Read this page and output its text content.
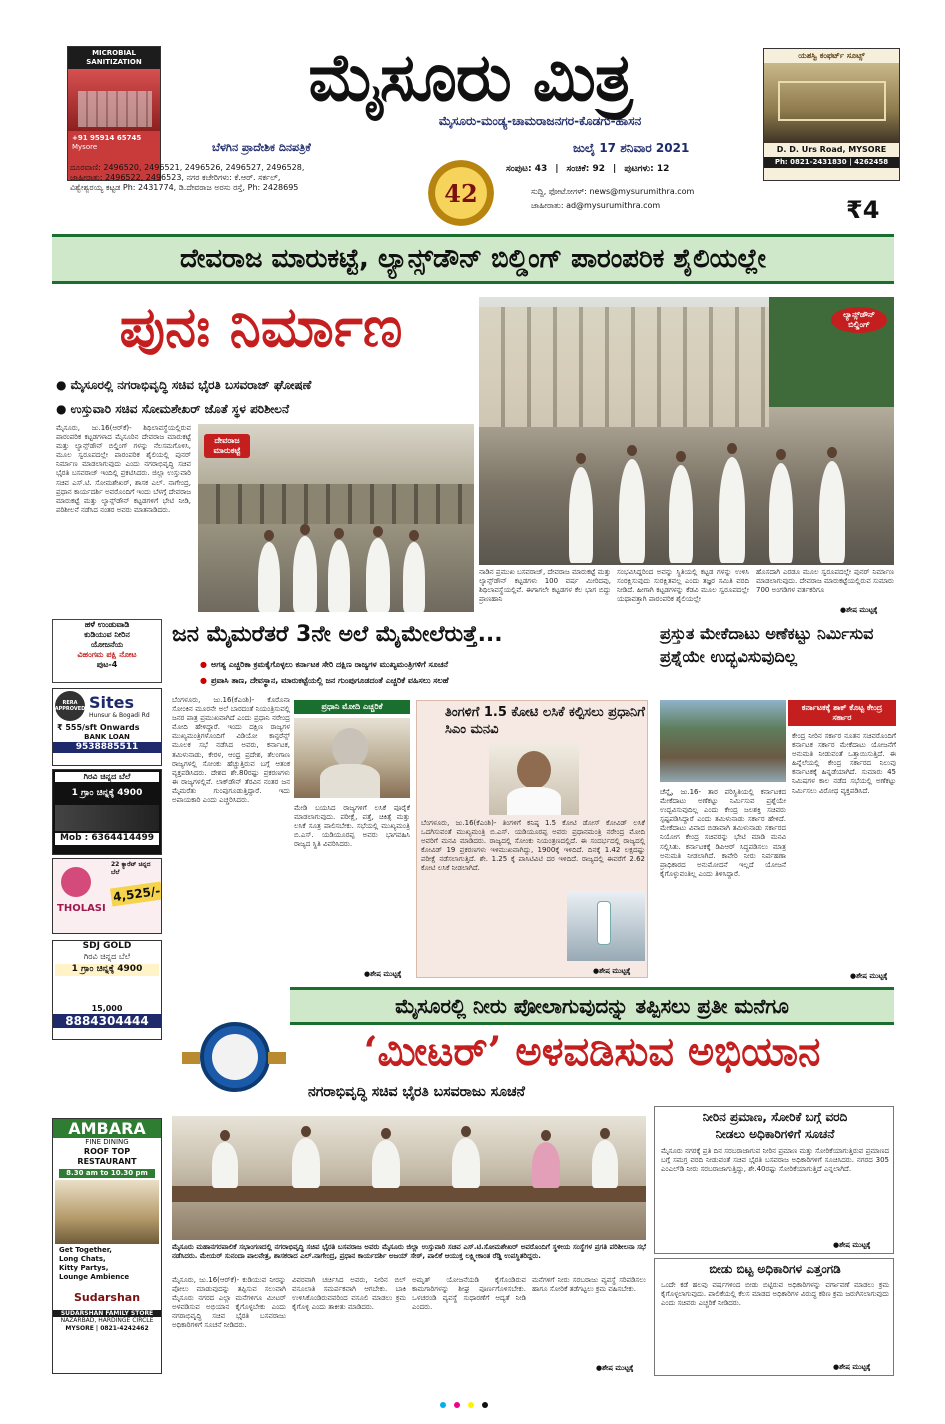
MICROBIAL SANITIZATION
+91 95914 65745
Mysore
ಮೈಸೂರು ಮಿತ್ರ
ಮೈಸೂರು-ಮಂಡ್ಯ-ಚಾಮರಾಜನಗರ-ಕೊಡಗು-ಹಾಸನ
ಬೆಳಗಿನ ಪ್ರಾದೇಶಿಕ ದಿನಪತ್ರಿಕೆ	ಜುಲೈ 17 ಶನಿವಾರ 2021
ಯಶಸ್ವಿ ಕಂಫರ್ಟ್ ಸೂಟ್ಸ್
D. D. Urs Road, MYSORE
Ph: 0821-2431830 | 4262458
ದೂರವಾಣಿ: 2496520, 2496521, 2496526, 2496527, 2496528,
ಜಾಹೀರಾತು: 2496522, 2496523, ನಗರ ಕಚೇರಿಗಳು: ಕೆ.ಆರ್. ಸರ್ಕಲ್,
ವಿಶ್ವೇಶ್ವರಯ್ಯ ಕಟ್ಟಡ Ph: 2431774, ಡಿ.ದೇವರಾಜ ಅರಸು ರಸ್ತೆ, Ph: 2428695	42
ಸಂಪುಟ: 43 | ಸಂಚಿಕೆ: 92 | ಪುಟಗಳು: 12
ಸುದ್ದಿ, ಫೋಟೋಗಳ್: news@mysurumithra.com
ಜಾಹೀರಾತು: ad@mysurumithra.com	₹4
ದೇವರಾಜ ಮಾರುಕಟ್ಟೆ, ಲ್ಯಾನ್ಸ್‌ಡೌನ್ ಬಿಲ್ಡಿಂಗ್ ಪಾರಂಪರಿಕ ಶೈಲಿಯಲ್ಲೇ
ಪುನಃ ನಿರ್ಮಾಣ
● ಮೈಸೂರಲ್ಲಿ ನಗರಾಭಿವೃದ್ಧಿ ಸಚಿವ ಭೈರತಿ ಬಸವರಾಜ್ ಘೋಷಣೆ
● ಉಸ್ತುವಾರಿ ಸಚಿವ ಸೋಮಶೇಖರ್ ಜೊತೆ ಸ್ಥಳ ಪರಿಶೀಲನೆ
ಮೈಸೂರು, ಜು.16(ಆರ್‌ಕೆ)- ಶಿಥಿಲಾವಸ್ಥೆಯಲ್ಲಿರುವ ಪಾರಂಪರಿಕ ಕಟ್ಟಡಗಳಾದ ಮೈಸೂರಿನ ದೇವರಾಜ ಮಾರುಕಟ್ಟೆ ಮತ್ತು ಲ್ಯಾನ್ಸ್‌ಡೌನ್ ಬಿಲ್ಡಿಂಗ್ ಗಳನ್ನು ನೆಲಸಮಗೊಳಿಸಿ, ಮೂಲ ಸ್ವರೂಪದಲ್ಲೇ ಪಾರಂಪರಿಕ ಶೈಲಿಯಲ್ಲಿ ಪುನರ್ ನಿರ್ಮಾಣ ಮಾಡಲಾಗುವುದು ಎಂದು ನಗರಾಭಿವೃದ್ಧಿ ಸಚಿವ ಭೈರತಿ ಬಸವರಾಜ್ ಇಂದಿಲ್ಲಿ ಪ್ರಕಟಿಸಿದರು. ಜಿಲ್ಲಾ ಉಸ್ತುವಾರಿ ಸಚಿವ ಎಸ್.ಟಿ. ಸೋಮಶೇಖರ್, ಶಾಸಕ ಎಲ್. ನಾಗೇಂದ್ರ, ಪ್ರಧಾನ ಕಾರ್ಯದರ್ಶಿ ಅವರೊಂದಿಗೆ ಇಂದು ಬೆಳಗ್ಗೆ ದೇವರಾಜ ಮಾರುಕಟ್ಟೆ ಮತ್ತು ಲ್ಯಾನ್ಸ್‌ಡೌನ್ ಕಟ್ಟಡಗಳಿಗೆ ಭೇಟಿ ನೀಡಿ, ಪರಿಶೀಲನೆ ನಡೆಸಿದ ನಂತರ ಅವರು ಮಾತನಾಡಿದರು.
ದೇವರಾಜ ಮಾರುಕಟ್ಟೆ
ಲ್ಯಾನ್ಸ್‌ಡೌನ್ ಬಿಲ್ಡಿಂಗ್
ನಾಡಿನ ಪ್ರಮುಖ ಬಸವರಾಜ್, ದೇವರಾಜ ಮಾರುಕಟ್ಟೆ ಮತ್ತು ಲ್ಯಾನ್ಸ್‌ಡೌನ್ ಕಟ್ಟಡಗಳು 100 ವರ್ಷ ಮೀರಿದವು, ಶಿಥಿಲಾವಸ್ಥೆಯಲ್ಲಿವೆ. ಈಗಾಗಲೇ ಕಟ್ಟಡಗಳ ಕೆಲ ಭಾಗ ಬಿದ್ದು ಪ್ರಾಣಹಾನಿ
ಸಂಭವಿಸಿದ್ದರಿಂದ ಅವನ್ನು ಸ್ಥಿತಿಯಲ್ಲಿ ಕಟ್ಟಡ ಗಳನ್ನು ಉಳಿಸಿ ಸಂರಕ್ಷಿಸುವುದು ಸುರಕ್ಷಿತವಲ್ಲ ಎಂದು ತಜ್ಞರ ಸಮಿತಿ ವರದಿ ನೀಡಿದೆ. ಹೀಗಾಗಿ ಕಟ್ಟಡಗಳನ್ನು ಕೆಡವಿ ಮೂಲ ಸ್ವರೂಪದಲ್ಲೇ ಯಥಾವತ್ತಾಗಿ ಪಾರಂಪರಿಕ ಶೈಲಿಯಲ್ಲೇ
ಹೊಸದಾಗಿ ಎರಡೂ ಮೂಲ ಸ್ವರೂಪದಲ್ಲೇ ಪುನರ್ ನಿರ್ಮಾಣ ಮಾಡಲಾಗುವುದು. ದೇವರಾಜ ಮಾರುಕಟ್ಟೆಯಲ್ಲಿರುವ ಸುಮಾರು 700 ಅಂಗಡಿಗಳ ವರ್ತಕರಿಗೂ
●ಶೇಷ ಮುಟ್ಟಕ್ಕೆ
ಹಳೆ ಉಂಡುವಾಡಿ
ಕುಡಿಯುವ ನೀರಿನ
ಯೋಜನೆಯ
ವಿಹಂಗಮ ಪಕ್ಷಿ ನೋಟ
ಪುಟ-4
RERA APPROVED Sites
Hunsur & Bogadi Rd
₹ 555/sft Onwards
BANK LOAN
9538885511
ಗಿರವಿ ಚಿನ್ನದ ಬೆಲೆ
1 ಗ್ರಾಂ ಚಿನ್ನಕ್ಕೆ 4900
Mob : 6364414499
22 ಕ್ಯಾರೆಟ್ ಚಿನ್ನದ ಬೆಲೆ
THOLASI
4,525/-
SDJ GOLD
ಗಿರವಿ ಚಿನ್ನದ ಬೆಲೆ
1 ಗ್ರಾಂ ಚಿನ್ನಕ್ಕೆ 4900
15,000
8884304444
AMBARA
FINE DINING
ROOF TOP RESTAURANT
8.30 am to 10.30 pm
Get Together,
Long Chats,
Kitty Partys,
Lounge Ambience
Sudarshan
SUDARSHAN FAMILY STORE
NAZARBAD, HARDINGE CIRCLE
MYSORE | 0821-4242462
ಜನ ಮೈಮರೆತರೆ 3ನೇ ಅಲೆ ಮೈಮೇಲೆರುತ್ತೆ...
● ಅಗತ್ಯ ಎಚ್ಚರಿಕಾ ಕ್ರಮಕೈಗೊಳ್ಳಲು ಕರ್ನಾಟಕ ಸೇರಿ ದಕ್ಷಿಣ ರಾಜ್ಯಗಳ ಮುಖ್ಯಮಂತ್ರಿಗಳಿಗೆ ಸೂಚನೆ
● ಪ್ರವಾಸಿ ತಾಣ, ದೇವಸ್ಥಾನ, ಮಾರುಕಟ್ಟೆಯಲ್ಲಿ ಜನ ಗುಂಪುಗೂಡದಂತೆ ಎಚ್ಚರಿಕೆ ವಹಿಸಲು ಸಲಹೆ
ಬೆಂಗಳೂರು, ಜು.16(ಕೆಎಂಶಿ)- ಕೊರೊನಾ ಸೋಂಕಿನ ಮೂರನೇ ಅಲೆ ಬಾರದಂತೆ ನಿಯಂತ್ರಿಸುವಲ್ಲಿ ಜನರ ಪಾತ್ರ ಪ್ರಮುಖವಾಗಿದೆ ಎಂದು ಪ್ರಧಾನಿ ನರೇಂದ್ರ ಮೋದಿ ಹೇಳಿದ್ದಾರೆ. ಇಂದು ದಕ್ಷಿಣ ರಾಜ್ಯಗಳ ಮುಖ್ಯಮಂತ್ರಿಗಳೊಂದಿಗೆ ವಿಡಿಯೋ ಕಾನ್ಫರೆನ್ಸ್ ಮೂಲಕ ಸಭೆ ನಡೆಸಿದ ಅವರು, ಕರ್ನಾಟಕ, ತಮಿಳುನಾಡು, ಕೇರಳ, ಆಂಧ್ರ ಪ್ರದೇಶ, ತೆಲಂಗಾಣ ರಾಜ್ಯಗಳಲ್ಲಿ ಸೋಂಕು ಹೆಚ್ಚುತ್ತಿರುವ ಬಗ್ಗೆ ಆತಂಕ ವ್ಯಕ್ತಪಡಿಸಿದರು. ದೇಶದ ಶೇ.80ರಷ್ಟು ಪ್ರಕರಣಗಳು ಈ ರಾಜ್ಯಗಳಲ್ಲಿವೆ. ಲಾಕ್‌ಡೌನ್ ತೆರವಿನ ನಂತರ ಜನ ಮೈಮರೆತು ಗುಂಪುಗೂಡುತ್ತಿದ್ದಾರೆ. ಇದು ಅಪಾಯಕಾರಿ ಎಂದು ಎಚ್ಚರಿಸಿದರು.
ಪ್ರಧಾನಿ ಮೋದಿ ಎಚ್ಚರಿಕೆ
ಮೇಡಿ ಬಯಸಿದ ರಾಜ್ಯಗಳಿಗೆ ಲಸಿಕೆ ಪೂರೈಕೆ ಮಾಡಲಾಗುವುದು. ಪರೀಕ್ಷೆ, ಪತ್ತೆ, ಚಿಕಿತ್ಸೆ ಮತ್ತು ಲಸಿಕೆ ಸೂತ್ರ ಪಾಲಿಸಬೇಕು. ಸಭೆಯಲ್ಲಿ ಮುಖ್ಯಮಂತ್ರಿ ಬಿ.ಎಸ್. ಯಡಿಯೂರಪ್ಪ ಅವರು ಭಾಗವಹಿಸಿ ರಾಜ್ಯದ ಸ್ಥಿತಿ ವಿವರಿಸಿದರು.
●ಶೇಷ ಮುಟ್ಟಕ್ಕೆ
ತಿಂಗಳಿಗೆ 1.5 ಕೋಟಿ ಲಸಿಕೆ ಕಲ್ಪಿಸಲು ಪ್ರಧಾನಿಗೆ ಸಿಎಂ ಮನವಿ
ಬೆಂಗಳೂರು, ಜು.16(ಕೆಎಂಶಿ)- ತಿಂಗಳಿಗೆ ಕನಿಷ್ಠ 1.5 ಕೋಟಿ ಡೋಸ್ ಕೋವಿಡ್ ಲಸಿಕೆ ಒದಗಿಸುವಂತೆ ಮುಖ್ಯಮಂತ್ರಿ ಬಿ.ಎಸ್. ಯಡಿಯೂರಪ್ಪ ಅವರು ಪ್ರಧಾನಮಂತ್ರಿ ನರೇಂದ್ರ ಮೋದಿ ಅವರಿಗೆ ಮನವಿ ಮಾಡಿದರು. ರಾಜ್ಯದಲ್ಲಿ ಸೋಂಕು ನಿಯಂತ್ರಣದಲ್ಲಿದೆ. ಈ ಸಂದರ್ಭದಲ್ಲಿ ರಾಜ್ಯದಲ್ಲಿ ಕೋವಿಡ್ 19 ಪ್ರಕರಣಗಳು ಇಳಿಮುಖವಾಗಿದ್ದು, 1900ಕ್ಕೆ ಇಳಿದಿದೆ. ದಿನಕ್ಕೆ 1.42 ಲಕ್ಷದಷ್ಟು ಪರೀಕ್ಷೆ ನಡೆಸಲಾಗುತ್ತಿದೆ. ಶೇ. 1.25 ಕ್ಕೆ ಪಾಸಿಟಿವಿಟಿ ದರ ಇಳಿದಿದೆ. ರಾಜ್ಯದಲ್ಲಿ ಈವರೆಗೆ 2.62 ಕೋಟಿ ಲಸಿಕೆ ನೀಡಲಾಗಿದೆ.
●ಶೇಷ ಮುಟ್ಟಕ್ಕೆ
ಪ್ರಸ್ತುತ ಮೇಕೆದಾಟು ಅಣೆಕಟ್ಟು ನಿರ್ಮಿಸುವ ಪ್ರಶ್ನೆಯೇ ಉದ್ಭವಿಸುವುದಿಲ್ಲ
ಕರ್ನಾಟಕಕ್ಕೆ ಶಾಕ್ ಕೊಟ್ಟ ಕೇಂದ್ರ ಸರ್ಕಾರ
ಕೇಂದ್ರ ನೀರಿನ ಸರ್ಕಾರ ನೂತನ ಸಚಿವರೊಂದಿಗೆ ಕರ್ನಾಟಕ ಸರ್ಕಾರ ಮೇಕೆದಾಟು ಯೋಜನೆಗೆ ಅನುಮತಿ ನೀಡುವಂತೆ ಒತ್ತಾಯಿಸುತ್ತಿದೆ. ಈ ಹಿನ್ನೆಲೆಯಲ್ಲಿ ಕೇಂದ್ರ ಸರ್ಕಾರದ ನಿಲುವು ಕರ್ನಾಟಕಕ್ಕೆ ಹಿನ್ನಡೆಯಾಗಿದೆ. ಸುಮಾರು 45 ನಿಮಿಷಗಳ ಕಾಲ ನಡೆದ ಸಭೆಯಲ್ಲಿ ಅಣೆಕಟ್ಟು ನಿರ್ಮಿಸಲು ವಿರೋಧ ವ್ಯಕ್ತಪಡಿಸಿದೆ.
ಚೆನ್ನೈ, ಜು.16- ತಾರ ಪರಿಸ್ಥಿತಿಯಲ್ಲಿ ಕರ್ನಾಟಕದ ಮೇಕೆದಾಟು ಅಣೆಕಟ್ಟು ನಿರ್ಮಿಸುವ ಪ್ರಶ್ನೆಯೇ ಉದ್ಭವಿಸುವುದಿಲ್ಲ ಎಂದು ಕೇಂದ್ರ ಜಲಶಕ್ತಿ ಸಚಿವರು ಸ್ಪಷ್ಟಪಡಿಸಿದ್ದಾರೆ ಎಂದು ತಮಿಳುನಾಡು ಸರ್ಕಾರ ಹೇಳಿದೆ. ಮೇಕೆದಾಟು ವಿವಾದ ಬಿಡಾವಾಗಿ ತಮಿಳುನಾಡು ಸರ್ಕಾರದ ನಿಯೋಗ ಕೇಂದ್ರ ಸಚಿವರನ್ನು ಭೇಟಿ ಮಾಡಿ ಮನವಿ ಸಲ್ಲಿಸಿತು. ಕರ್ನಾಟಕಕ್ಕೆ ಡಿಪಿಆರ್ ಸಿದ್ಧಪಡಿಸಲು ಮಾತ್ರ ಅನುಮತಿ ನೀಡಲಾಗಿದೆ. ಕಾವೇರಿ ನೀರು ನಿರ್ವಹಣಾ ಪ್ರಾಧಿಕಾರದ ಅನುಮೋದನೆ ಇಲ್ಲದೆ ಯೋಜನೆ ಕೈಗೊಳ್ಳುವಂತಿಲ್ಲ ಎಂದು ತಿಳಿಸಿದ್ದಾರೆ.
●ಶೇಷ ಮುಟ್ಟಕ್ಕೆ
ಮೈಸೂರಲ್ಲಿ ನೀರು ಪೋಲಾಗುವುದನ್ನು ತಪ್ಪಿಸಲು ಪ್ರತೀ ಮನೆಗೂ
‘ಮೀಟರ್’ ಅಳವಡಿಸುವ ಅಭಿಯಾನ
ನಗರಾಭಿವೃದ್ಧಿ ಸಚಿವ ಭೈರತಿ ಬಸವರಾಜು ಸೂಚನೆ
ಮೈಸೂರು ಮಹಾನಗರಪಾಲಿಕೆ ಸಭಾಂಗಣದಲ್ಲಿ ನಗರಾಭಿವೃದ್ಧಿ ಸಚಿವ ಭೈರತಿ ಬಸವರಾಜ ಅವರು ಮೈಸೂರು ಜಿಲ್ಲಾ ಉಸ್ತುವಾರಿ ಸಚಿವ ಎಸ್.ಟಿ.ಸೋಮಶೇಖರ್ ಅವರೊಂದಿಗೆ ಸ್ಥಳೀಯ ಸಂಸ್ಥೆಗಳ ಪ್ರಗತಿ ಪರಿಶೀಲನಾ ಸಭೆ ನಡೆಸಿದರು. ಮೇಯರ್ ಸುನಂದಾ ಪಾಲನೇತ್ರ, ಶಾಸಕರಾದ ಎಲ್.ನಾಗೇಂದ್ರ, ಪ್ರಧಾನ ಕಾರ್ಯದರ್ಶಿ ಅಜಯ್ ಸೇಠ್, ಪಾಲಿಕೆ ಆಯುಕ್ತ ಲಕ್ಷ್ಮೀಕಾಂತ ರೆಡ್ಡಿ ಉಪಸ್ಥಿತರಿದ್ದರು.
ಮೈಸೂರು, ಜು.16(ಆರ್‌ಕೆ)- ಕುಡಿಯುವ ನೀರನ್ನು ಪೋಲು ಮಾಡುವುದನ್ನು ತಪ್ಪಿಸುವ ಸಲುವಾಗಿ ಮೈಸೂರು ನಗರದ ಎಲ್ಲಾ ಮನೆಗಳಿಗೂ ಮೀಟರ್ ಅಳವಡಿಸುವ ಅಭಿಯಾನ ಕೈಗೊಳ್ಳಬೇಕು ಎಂದು ನಗರಾಭಿವೃದ್ಧಿ ಸಚಿವ ಭೈರತಿ ಬಸವರಾಜು ಅಧಿಕಾರಿಗಳಿಗೆ ಸೂಚನೆ ನೀಡಿದರು.
ವಿವರವಾಗಿ ಚರ್ಚಿಸಿದ ಅವರು, ನೀರಿನ ಬಿಲ್ ವಸೂಲಾತಿ ಸಮರ್ಪಕವಾಗಿ ಆಗಬೇಕು. ಬಾಕಿ ಉಳಿಸಿಕೊಂಡಿರುವವರಿಂದ ವಸೂಲಿ ಮಾಡಲು ಕ್ರಮ ಕೈಗೊಳ್ಳಿ ಎಂದು ತಾಕೀತು ಮಾಡಿದರು.
ಅಮೃತ್ ಯೋಜನೆಯಡಿ ಕೈಗೊಂಡಿರುವ ಕಾಮಗಾರಿಗಳನ್ನು ಶೀಘ್ರ ಪೂರ್ಣಗೊಳಿಸಬೇಕು. ಒಳಚರಂಡಿ ವ್ಯವಸ್ಥೆ ಸುಧಾರಣೆಗೆ ಆದ್ಯತೆ ನೀಡಿ ಎಂದರು.
ಮನೆಗಳಿಗೆ ನೀರು ಸರಬರಾಜು ವ್ಯವಸ್ಥೆ ಸರಿಪಡಿಸಲು ಹಾಗೂ ಸೋರಿಕೆ ತಡೆಗಟ್ಟಲು ಕ್ರಮ ವಹಿಸಬೇಕು.
●ಶೇಷ ಮುಟ್ಟಕ್ಕೆ
ನೀರಿನ ಪ್ರಮಾಣ, ಸೋರಿಕೆ ಬಗ್ಗೆ ವರದಿ
ನೀಡಲು ಅಧಿಕಾರಿಗಳಿಗೆ ಸೂಚನೆ
ಮೈಸೂರು ನಗರಕ್ಕೆ ಪ್ರತಿ ದಿನ ಸರಬರಾಜಾಗುವ ನೀರಿನ ಪ್ರಮಾಣ ಮತ್ತು ಸೋರಿಕೆಯಾಗುತ್ತಿರುವ ಪ್ರಮಾಣದ ಬಗ್ಗೆ ಸಮಗ್ರ ವರದಿ ನೀಡುವಂತೆ ಸಚಿವ ಭೈರತಿ ಬಸವರಾಜ ಅಧಿಕಾರಿಗಳಿಗೆ ಸೂಚಿಸಿದರು. ನಗರದ 305 ಎಂಎಲ್‌ಡಿ ನೀರು ಸರಬರಾಜಾಗುತ್ತಿದ್ದು, ಶೇ.40ರಷ್ಟು ಸೋರಿಕೆಯಾಗುತ್ತಿದೆ ಎನ್ನಲಾಗಿದೆ.
●ಶೇಷ ಮುಟ್ಟಕ್ಕೆ
ಬೀಡು ಬಿಟ್ಟ ಅಧಿಕಾರಿಗಳ ಎತ್ತಂಗಡಿ
ಒಂದೇ ಕಡೆ ಹಲವು ವರ್ಷಗಳಿಂದ ಬೀಡು ಬಿಟ್ಟಿರುವ ಅಧಿಕಾರಿಗಳನ್ನು ವರ್ಗಾವಣೆ ಮಾಡಲು ಕ್ರಮ ಕೈಗೊಳ್ಳಲಾಗುವುದು. ಪಾಲಿಕೆಯಲ್ಲಿ ಕೆಲಸ ಮಾಡದ ಅಧಿಕಾರಿಗಳ ವಿರುದ್ಧ ಕಠಿಣ ಕ್ರಮ ಜರುಗಿಸಲಾಗುವುದು ಎಂದು ಸಚಿವರು ಎಚ್ಚರಿಕೆ ನೀಡಿದರು.
●ಶೇಷ ಮುಟ್ಟಕ್ಕೆ
